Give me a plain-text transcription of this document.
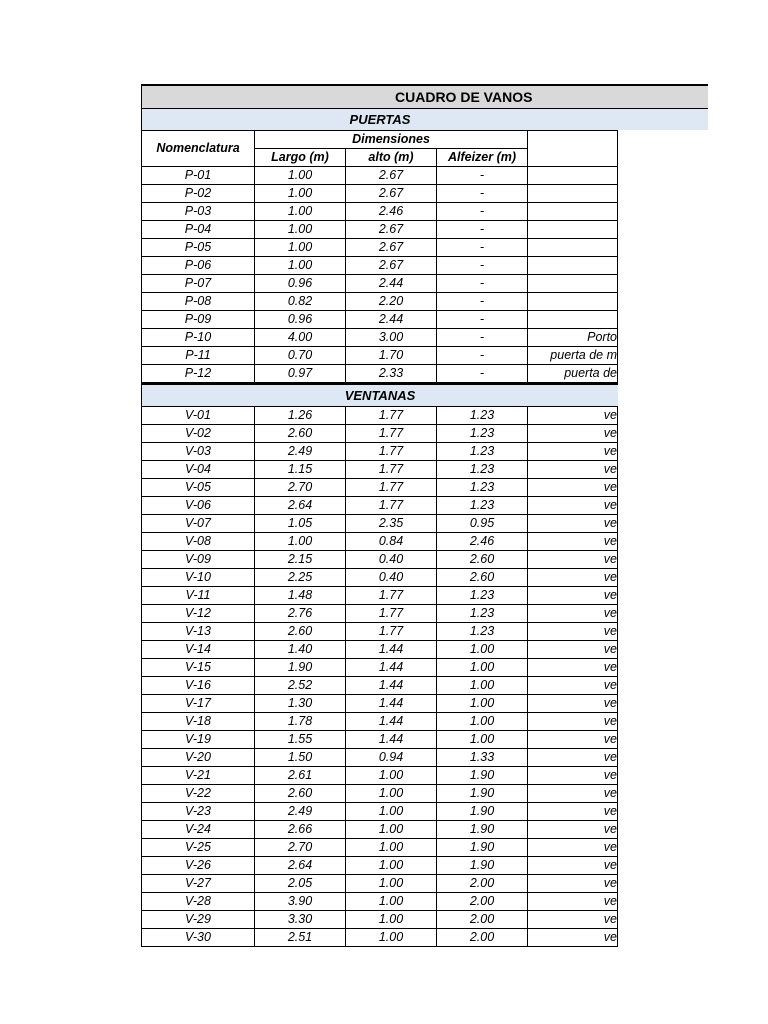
CUADRO DE VANOS
PUERTAS
Nomenclatura	Dimensiones			
	Largo (m)	alto (m)	Alfeizer (m)	
P-01	1.00	2.67	-	
P-02	1.00	2.67	-	
P-03	1.00	2.46	-	
P-04	1.00	2.67	-	
P-05	1.00	2.67	-	
P-06	1.00	2.67	-	
P-07	0.96	2.44	-	
P-08	0.82	2.20	-	
P-09	0.96	2.44	-	
P-10	4.00	3.00	-	Porto
P-11	0.70	1.70	-	puerta de m
P-12	0.97	2.33	-	puerta de
VENTANAS
V-01	1.26	1.77	1.23	ve
V-02	2.60	1.77	1.23	ve
V-03	2.49	1.77	1.23	ve
V-04	1.15	1.77	1.23	ve
V-05	2.70	1.77	1.23	ve
V-06	2.64	1.77	1.23	ve
V-07	1.05	2.35	0.95	ve
V-08	1.00	0.84	2.46	ve
V-09	2.15	0.40	2.60	ve
V-10	2.25	0.40	2.60	ve
V-11	1.48	1.77	1.23	ve
V-12	2.76	1.77	1.23	ve
V-13	2.60	1.77	1.23	ve
V-14	1.40	1.44	1.00	ve
V-15	1.90	1.44	1.00	ve
V-16	2.52	1.44	1.00	ve
V-17	1.30	1.44	1.00	ve
V-18	1.78	1.44	1.00	ve
V-19	1.55	1.44	1.00	ve
V-20	1.50	0.94	1.33	ve
V-21	2.61	1.00	1.90	ve
V-22	2.60	1.00	1.90	ve
V-23	2.49	1.00	1.90	ve
V-24	2.66	1.00	1.90	ve
V-25	2.70	1.00	1.90	ve
V-26	2.64	1.00	1.90	ve
V-27	2.05	1.00	2.00	ve
V-28	3.90	1.00	2.00	ve
V-29	3.30	1.00	2.00	ve
V-30	2.51	1.00	2.00	ve
